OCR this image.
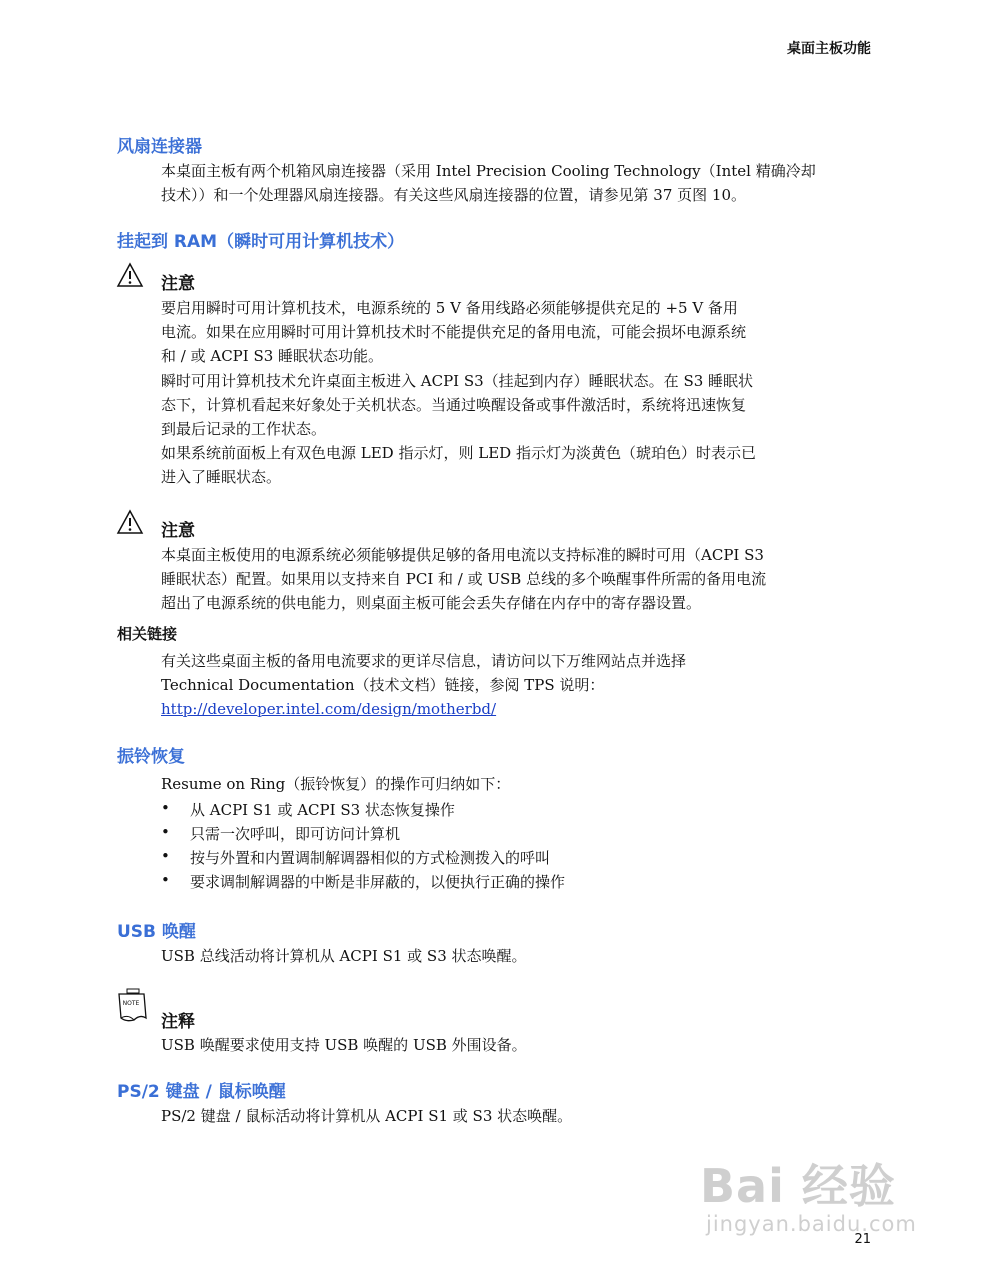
桌面主板功能
风扇连接器
本桌面主板有两个机箱风扇连接器（采用 Intel Precision Cooling Technology（Intel 精确冷却
技术））和一个处理器风扇连接器。有关这些风扇连接器的位置，请参见第 37 页图 10。
挂起到 RAM（瞬时可用计算机技术）
注意
要启用瞬时可用计算机技术，电源系统的 5 V 备用线路必须能够提供充足的 +5 V 备用
电流。如果在应用瞬时可用计算机技术时不能提供充足的备用电流，可能会损坏电源系统
和 / 或 ACPI S3 睡眠状态功能。
瞬时可用计算机技术允许桌面主板进入 ACPI S3（挂起到内存）睡眠状态。在 S3 睡眠状
态下，计算机看起来好象处于关机状态。当通过唤醒设备或事件激活时，系统将迅速恢复
到最后记录的工作状态。
如果系统前面板上有双色电源 LED 指示灯，则 LED 指示灯为淡黄色（琥珀色）时表示已
进入了睡眠状态。
注意
本桌面主板使用的电源系统必须能够提供足够的备用电流以支持标准的瞬时可用（ACPI S3
睡眠状态）配置。如果用以支持来自 PCI 和 / 或 USB 总线的多个唤醒事件所需的备用电流
超出了电源系统的供电能力，则桌面主板可能会丢失存储在内存中的寄存器设置。
相关链接
有关这些桌面主板的备用电流要求的更详尽信息，请访问以下万维网站点并选择
Technical Documentation（技术文档）链接，参阅 TPS 说明：
http://developer.intel.com/design/motherbd/
振铃恢复
Resume on Ring（振铃恢复）的操作可归纳如下：
• 从 ACPI S1 或 ACPI S3 状态恢复操作
• 只需一次呼叫，即可访问计算机
• 按与外置和内置调制解调器相似的方式检测拨入的呼叫
• 要求调制解调器的中断是非屏蔽的，以便执行正确的操作
USB 唤醒
USB 总线活动将计算机从 ACPI S1 或 S3 状态唤醒。
NOTE
注释
USB 唤醒要求使用支持 USB 唤醒的 USB 外围设备。
PS/2 键盘 / 鼠标唤醒
PS/2 键盘 / 鼠标活动将计算机从 ACPI S1 或 S3 状态唤醒。
Bai 经验
jingyan.baidu.com
21
